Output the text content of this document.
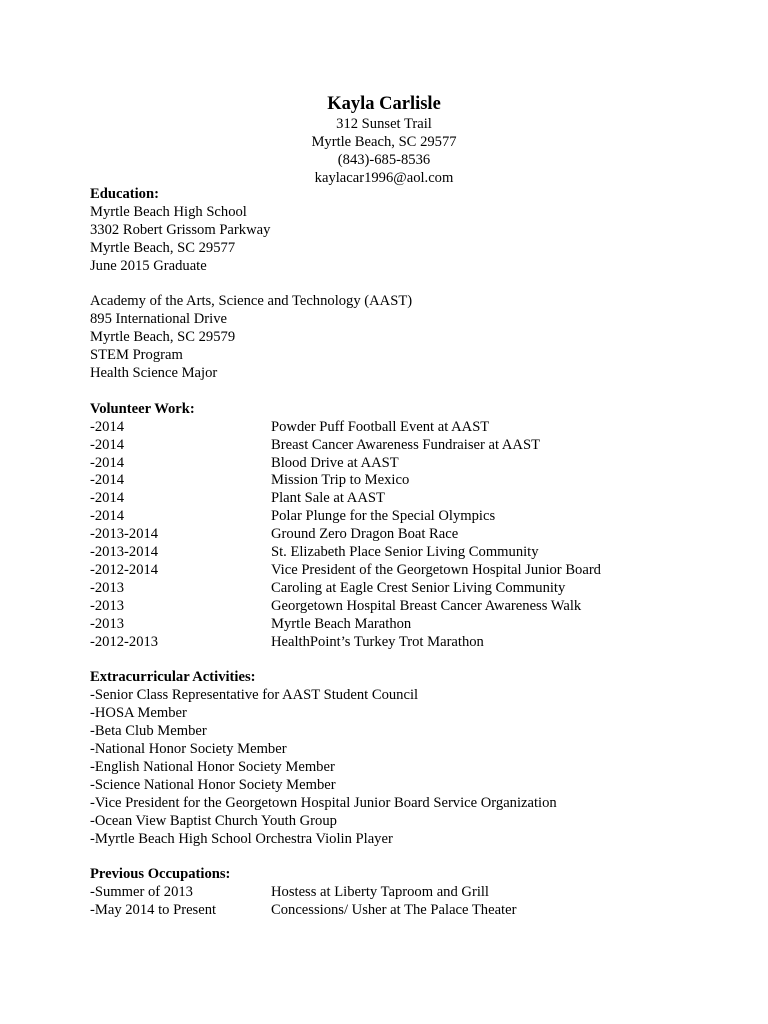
Kayla Carlisle
312 Sunset Trail
Myrtle Beach, SC 29577
(843)-685-8536
kaylacar1996@aol.com
Education:
Myrtle Beach High School
3302 Robert Grissom Parkway
Myrtle Beach, SC 29577
June 2015 Graduate
Academy of the Arts, Science and Technology (AAST)
895 International Drive
Myrtle Beach, SC 29579
STEM Program
Health Science Major
Volunteer Work:
-2014	Powder Puff Football Event at AAST
-2014	Breast Cancer Awareness Fundraiser at AAST
-2014	Blood Drive at AAST
-2014	Mission Trip to Mexico
-2014	Plant Sale at AAST
-2014	Polar Plunge for the Special Olympics
-2013-2014	Ground Zero Dragon Boat Race
-2013-2014	St. Elizabeth Place Senior Living Community
-2012-2014	Vice President of the Georgetown Hospital Junior Board
-2013	Caroling at Eagle Crest Senior Living Community
-2013	Georgetown Hospital Breast Cancer Awareness Walk
-2013	Myrtle Beach Marathon
-2012-2013	HealthPoint’s Turkey Trot Marathon
Extracurricular Activities:
-Senior Class Representative for AAST Student Council
-HOSA Member
-Beta Club Member
-National Honor Society Member
-English National Honor Society Member
-Science National Honor Society Member
-Vice President for the Georgetown Hospital Junior Board Service Organization
-Ocean View Baptist Church Youth Group
-Myrtle Beach High School Orchestra Violin Player
Previous Occupations:
-Summer of 2013	Hostess at Liberty Taproom and Grill
-May 2014 to Present	Concessions/ Usher at The Palace Theater
